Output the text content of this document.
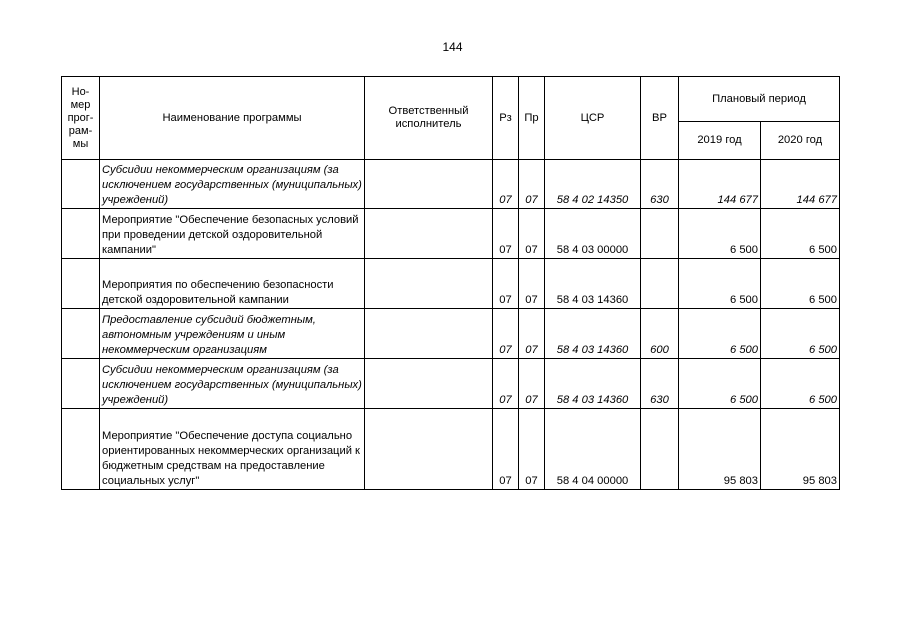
144
Но-
мер
прог-
рам-
мы	Наименование программы	Ответственный исполнитель	Рз	Пр	ЦСР	ВР	Плановый период	
							2019 год	2020 год
	Субсидии некоммерческим организациям (за исключением государственных (муниципальных) учреждений)		07	07	58 4 02 14350	630	144 677	144 677
	Мероприятие "Обеспечение безопасных условий при проведении детской оздоровительной кампании"		07	07	58 4 03 00000		6 500	6 500
	Мероприятия по обеспечению безопасности детской оздоровительной кампании		07	07	58 4 03 14360		6 500	6 500
	Предоставление субсидий бюджетным, автономным учреждениям и иным некоммерческим организациям		07	07	58 4 03 14360	600	6 500	6 500
	Субсидии некоммерческим организациям (за исключением государственных (муниципальных) учреждений)		07	07	58 4 03 14360	630	6 500	6 500
	Мероприятие "Обеспечение доступа социально ориентированных некоммерческих организаций к бюджетным средствам на предоставление социальных услуг"		07	07	58 4 04 00000		95 803	95 803
